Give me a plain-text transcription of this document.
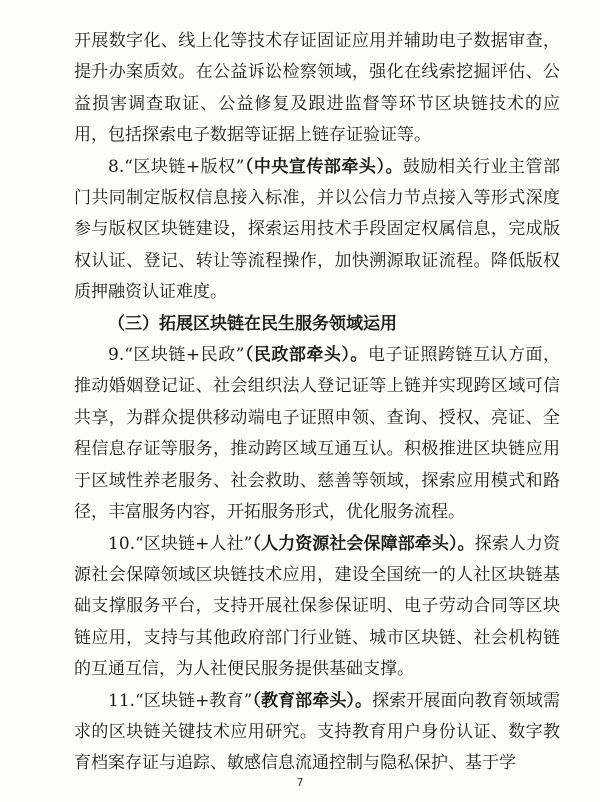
开展数字化、线上化等技术存证固证应用并辅助电子数据审查，提升办案质效。在公益诉讼检察领域，强化在线索挖掘评估、公益损害调查取证、公益修复及跟进监督等环节区块链技术的应用，包括探索电子数据等证据上链存证验证等。

8.“区块链+版权”（中央宣传部牵头）。鼓励相关行业主管部门共同制定版权信息接入标准，并以公信力节点接入等形式深度参与版权区块链建设，探索运用技术手段固定权属信息，完成版权认证、登记、转让等流程操作，加快溯源取证流程。降低版权质押融资认证难度。

（三）拓展区块链在民生服务领域运用

9.“区块链+民政”（民政部牵头）。电子证照跨链互认方面，推动婚姻登记证、社会组织法人登记证等上链并实现跨区域可信共享，为群众提供移动端电子证照申领、查询、授权、亮证、全程信息存证等服务，推动跨区域互通互认。积极推进区块链应用于区域性养老服务、社会救助、慈善等领域，探索应用模式和路径，丰富服务内容，开拓服务形式，优化服务流程。

10.“区块链+人社”（人力资源社会保障部牵头）。探索人力资源社会保障领域区块链技术应用，建设全国统一的人社区块链基础支撑服务平台，支持开展社保参保证明、电子劳动合同等区块链应用，支持与其他政府部门行业链、城市区块链、社会机构链的互通互信，为人社便民服务提供基础支撑。

11.“区块链+教育”（教育部牵头）。探索开展面向教育领域需求的区块链关键技术应用研究。支持教育用户身份认证、数字教育档案存证与追踪、敏感信息流通控制与隐私保护、基于学

7
